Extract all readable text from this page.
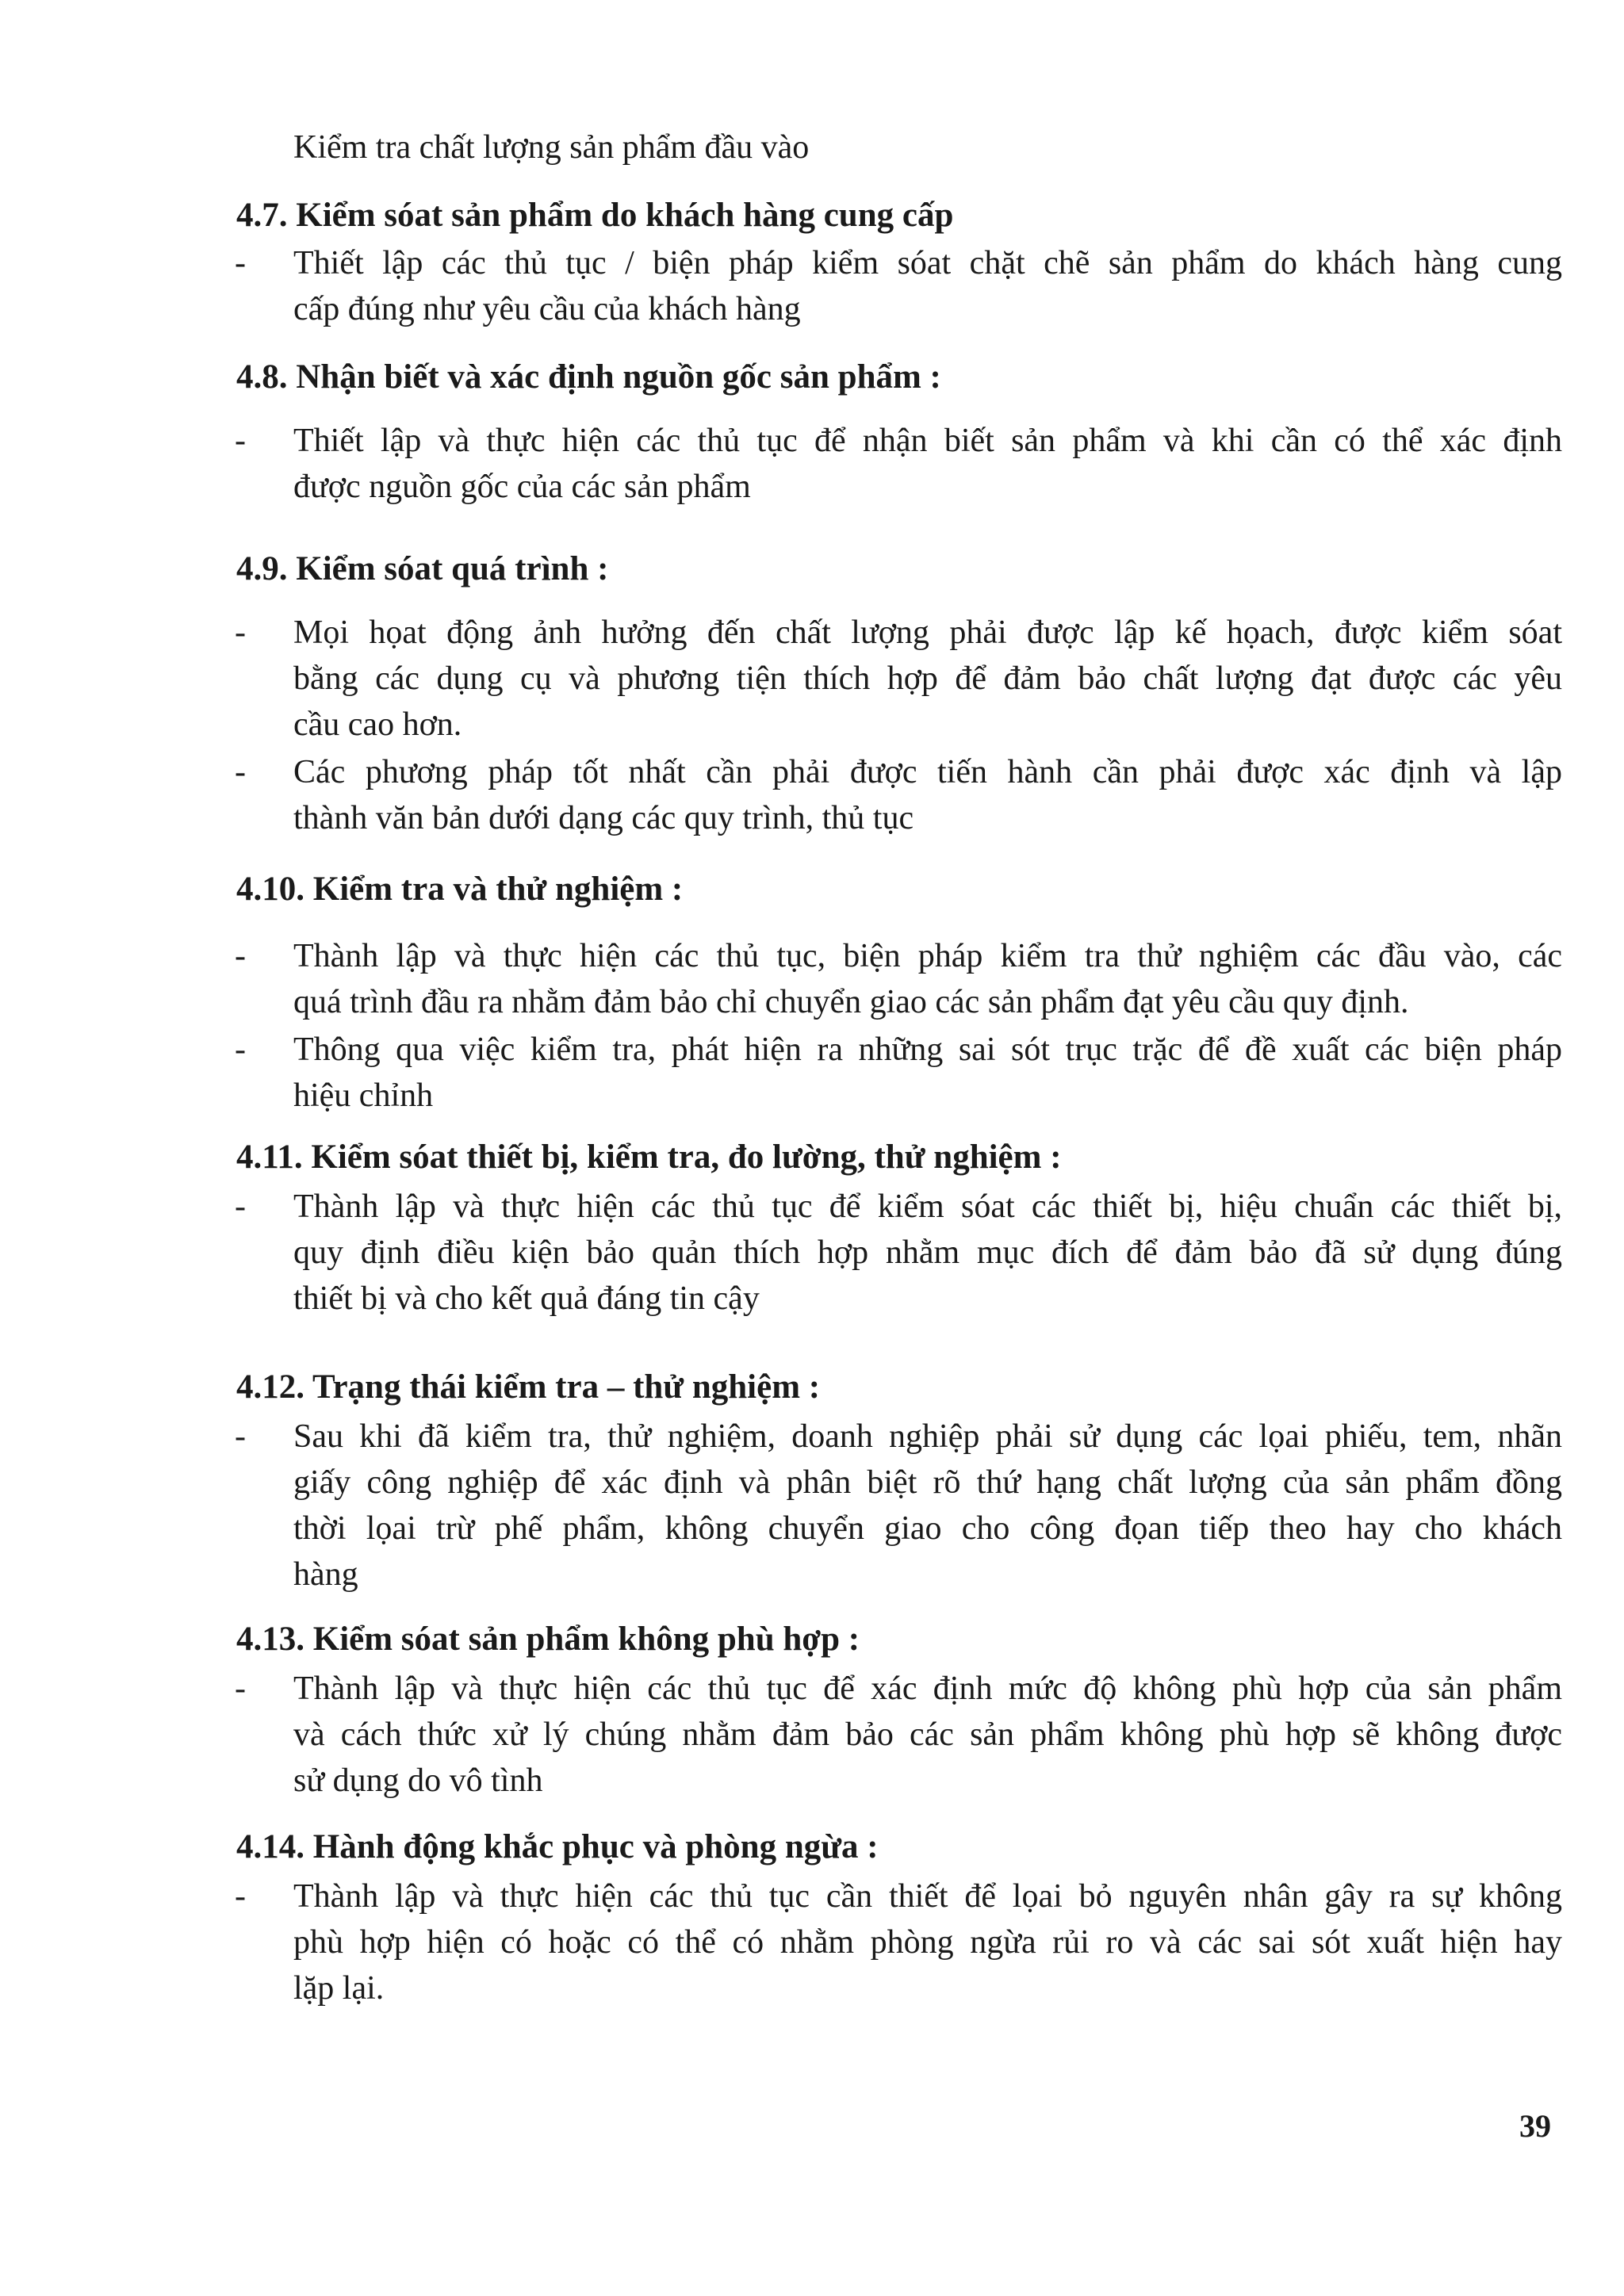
Kiểm tra chất lượng sản phẩm đầu vào
4.7. Kiểm sóat sản phẩm do khách hàng cung cấp
- Thiết lập các thủ tục / biện pháp kiểm sóat chặt chẽ sản phẩm do khách hàng cung
cấp đúng như yêu cầu của khách hàng
4.8. Nhận biết và xác định nguồn gốc sản phẩm :
- Thiết lập và thực hiện các thủ tục để nhận biết sản phẩm và khi cần có thể xác định
được nguồn gốc của các sản phẩm
4.9. Kiểm sóat quá trình :
- Mọi họat động ảnh hưởng đến chất lượng phải được lập kế họach, được kiểm sóat
bằng các dụng cụ và phương tiện thích hợp để đảm bảo chất lượng đạt được các yêu
cầu cao hơn.
- Các phương pháp tốt nhất cần phải được tiến hành cần phải được xác định và lập
thành văn bản dưới dạng các quy trình, thủ tục
4.10. Kiểm tra và thử nghiệm :
- Thành lập và thực hiện các thủ tục, biện pháp kiểm tra thử nghiệm các đầu vào, các
quá trình đầu ra nhằm đảm bảo chỉ chuyển giao các sản phẩm đạt yêu cầu quy định.
- Thông qua việc kiểm tra, phát hiện ra những sai sót trục trặc để đề xuất các biện pháp
hiệu chỉnh
4.11. Kiểm sóat thiết bị, kiểm tra, đo lường, thử nghiệm :
- Thành lập và thực hiện các thủ tục để kiểm sóat các thiết bị, hiệu chuẩn các thiết bị,
quy định điều kiện bảo quản thích hợp nhằm mục đích để đảm bảo đã sử dụng đúng
thiết bị và cho kết quả đáng tin cậy
4.12. Trạng thái kiểm tra – thử nghiệm :
- Sau khi đã kiểm tra, thử nghiệm, doanh nghiệp phải sử dụng các lọai phiếu, tem, nhãn
giấy công nghiệp để xác định và phân biệt rõ thứ hạng chất lượng của sản phẩm đồng
thời lọai trừ phế phẩm, không chuyển giao cho công đọan tiếp theo hay cho khách
hàng
4.13. Kiểm sóat sản phẩm không phù hợp :
- Thành lập và thực hiện các thủ tục để xác định mức độ không phù hợp của sản phẩm
và cách thức xử lý chúng nhằm đảm bảo các sản phẩm không phù hợp sẽ không được
sử dụng do vô tình
4.14. Hành động khắc phục và phòng ngừa :
- Thành lập và thực hiện các thủ tục cần thiết để lọai bỏ nguyên nhân gây ra sự không
phù hợp hiện có hoặc có thể có nhằm phòng ngừa rủi ro và các sai sót xuất hiện hay
lặp lại.
39
